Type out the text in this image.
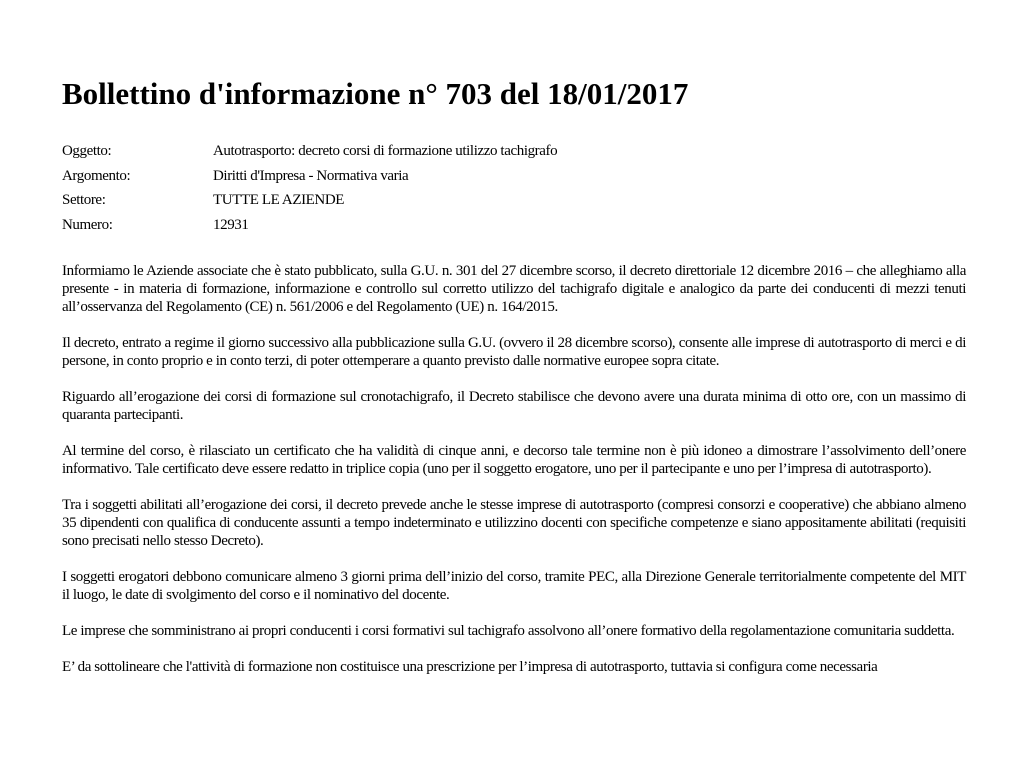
Bollettino d'informazione n° 703 del 18/01/2017
Oggetto:	Autotrasporto: decreto corsi di formazione utilizzo tachigrafo
Argomento:	Diritti d'Impresa - Normativa varia
Settore:	TUTTE LE AZIENDE
Numero:	12931

Informiamo le Aziende associate che è stato pubblicato, sulla G.U. n. 301 del 27 dicembre scorso, il decreto direttoriale 12 dicembre 2016 – che alleghiamo alla presente - in materia di formazione, informazione e controllo sul corretto utilizzo del tachigrafo digitale e analogico da parte dei conducenti di mezzi tenuti all’osservanza del Regolamento (CE) n. 561/2006 e del Regolamento (UE) n. 164/2015.

Il decreto, entrato a regime il giorno successivo alla pubblicazione sulla G.U. (ovvero il 28 dicembre scorso), consente alle imprese di autotrasporto di merci e di persone, in conto proprio e in conto terzi, di poter ottemperare a quanto previsto dalle normative europee sopra citate.

Riguardo all’erogazione dei corsi di formazione sul cronotachigrafo, il Decreto stabilisce che devono avere una durata minima di otto ore, con un massimo di quaranta partecipanti.

Al termine del corso, è rilasciato un certificato che ha validità di cinque anni, e decorso tale termine non è più idoneo a dimostrare l’assolvimento dell’onere informativo. Tale certificato deve essere redatto in triplice copia (uno per il soggetto erogatore, uno per il partecipante e uno per l’impresa di autotrasporto).

Tra i soggetti abilitati all’erogazione dei corsi, il decreto prevede anche le stesse imprese di autotrasporto (compresi consorzi e cooperative) che abbiano almeno 35 dipendenti con qualifica di conducente assunti a tempo indeterminato e utilizzino docenti con specifiche competenze e siano appositamente abilitati (requisiti sono precisati nello stesso Decreto).

I soggetti erogatori debbono comunicare almeno 3 giorni prima dell’inizio del corso, tramite PEC, alla Direzione Generale territorialmente competente del MIT il luogo, le date di svolgimento del corso e il nominativo del docente.

Le imprese che somministrano ai propri conducenti i corsi formativi sul tachigrafo assolvono all’onere formativo della regolamentazione comunitaria suddetta.

E’ da sottolineare che l'attività di formazione non costituisce una prescrizione per l’impresa di autotrasporto, tuttavia si configura come necessaria
